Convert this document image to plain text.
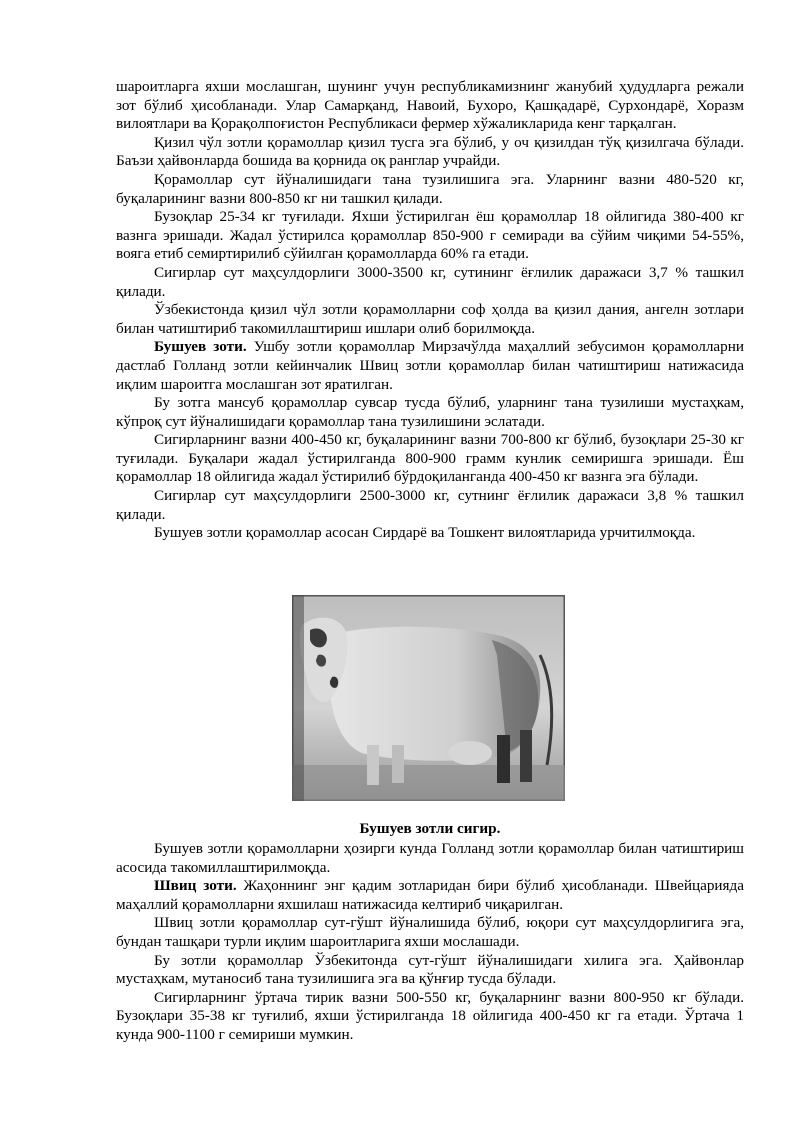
шароитларга яхши мослашган, шунинг учун республикамизнинг жанубий ҳудудларга режали зот бўлиб ҳисобланади. Улар Самарқанд, Навоий, Бухоро, Қашқадарё, Сурхондарё, Хоразм вилоятлари ва Қорақолпоғистон Республикаси фермер хўжаликларида кенг тарқалган.

Қизил чўл зотли қорамоллар қизил тусга эга бўлиб, у оч қизилдан тўқ қизилгача бўлади. Баъзи ҳайвонларда бошида ва қорнида оқ ранглар учрайди.

Қорамоллар сут йўналишидаги тана тузилишига эга. Уларнинг вазни 480-520 кг, буқаларининг вазни 800-850 кг ни ташкил қилади.

Бузоқлар 25-34 кг туғилади. Яхши ўстирилган ёш қорамоллар 18 ойлигида 380-400 кг вазнга эришади. Жадал ўстирилса қорамоллар 850-900 г семиради ва сўйим чиқими 54-55%, вояга етиб семиртирилиб сўйилган қорамолларда 60% га етади.

Сигирлар сут маҳсулдорлиги 3000-3500 кг, сутининг ёғлилик даражаси 3,7 % ташкил қилади.

Ўзбекистонда қизил чўл зотли қорамолларни соф ҳолда ва қизил дания, ангелн зотлари билан чатиштириб такомиллаштириш ишлари олиб борилмоқда.

Бушуев зоти. Ушбу зотли қорамоллар Мирзачўлда маҳаллий зебусимон қорамолларни дастлаб Голланд зотли кейинчалик Швиц зотли қорамоллар билан чатиштириш натижасида иқлим шароитга мослашган зот яратилган.

Бу зотга мансуб қорамоллар сувсар тусда бўлиб, уларнинг тана тузилиши мустаҳкам, кўпроқ сут йўналишидаги қорамоллар тана тузилишини эслатади.

Сигирларнинг вазни 400-450 кг, буқаларининг вазни 700-800 кг бўлиб, бузоқлари 25-30 кг туғилади. Буқалари жадал ўстирилганда 800-900 грамм кунлик семиришга эришади. Ёш қорамоллар 18 ойлигида жадал ўстирилиб бўрдоқилангандa 400-450 кг вазнга эга бўлади.

Сигирлар сут маҳсулдорлиги 2500-3000 кг, сутнинг ёғлилик даражаси 3,8 % ташкил қилади.

Бушуев зотли қорамоллар асосан Сирдарё ва Тошкент вилоятларида урчитилмоқда.

Бушуев зотли сигир.

Бушуев зотли қорамолларни ҳозирги кунда Голланд зотли қорамоллар билан чатиштириш асосида такомиллаштирилмоқда.

Швиц зоти. Жаҳоннинг энг қадим зотларидан бири бўлиб ҳисобланади. Швейцарияда маҳаллий қорамолларни яхшилаш натижасида келтириб чиқарилган.

Швиц зотли қорамоллар сут-гўшт йўналишида бўлиб, юқори сут маҳсулдорлигига эга, бундан ташқари турли иқлим шароитларига яхши мослашади.

Бу зотли қорамоллар Ўзбекитонда сут-гўшт йўналишидаги хилига эга. Ҳайвонлар мустаҳкам, мутаносиб тана тузилишига эга ва қўнғир тусда бўлади.

Сигирларнинг ўртача тирик вазни 500-550 кг, буқаларнинг вазни 800-950 кг бўлади. Бузоқлари 35-38 кг туғилиб, яхши ўстирилганда 18 ойлигида 400-450 кг га етади. Ўртача 1 кунда 900-1100 г семириши мумкин.
